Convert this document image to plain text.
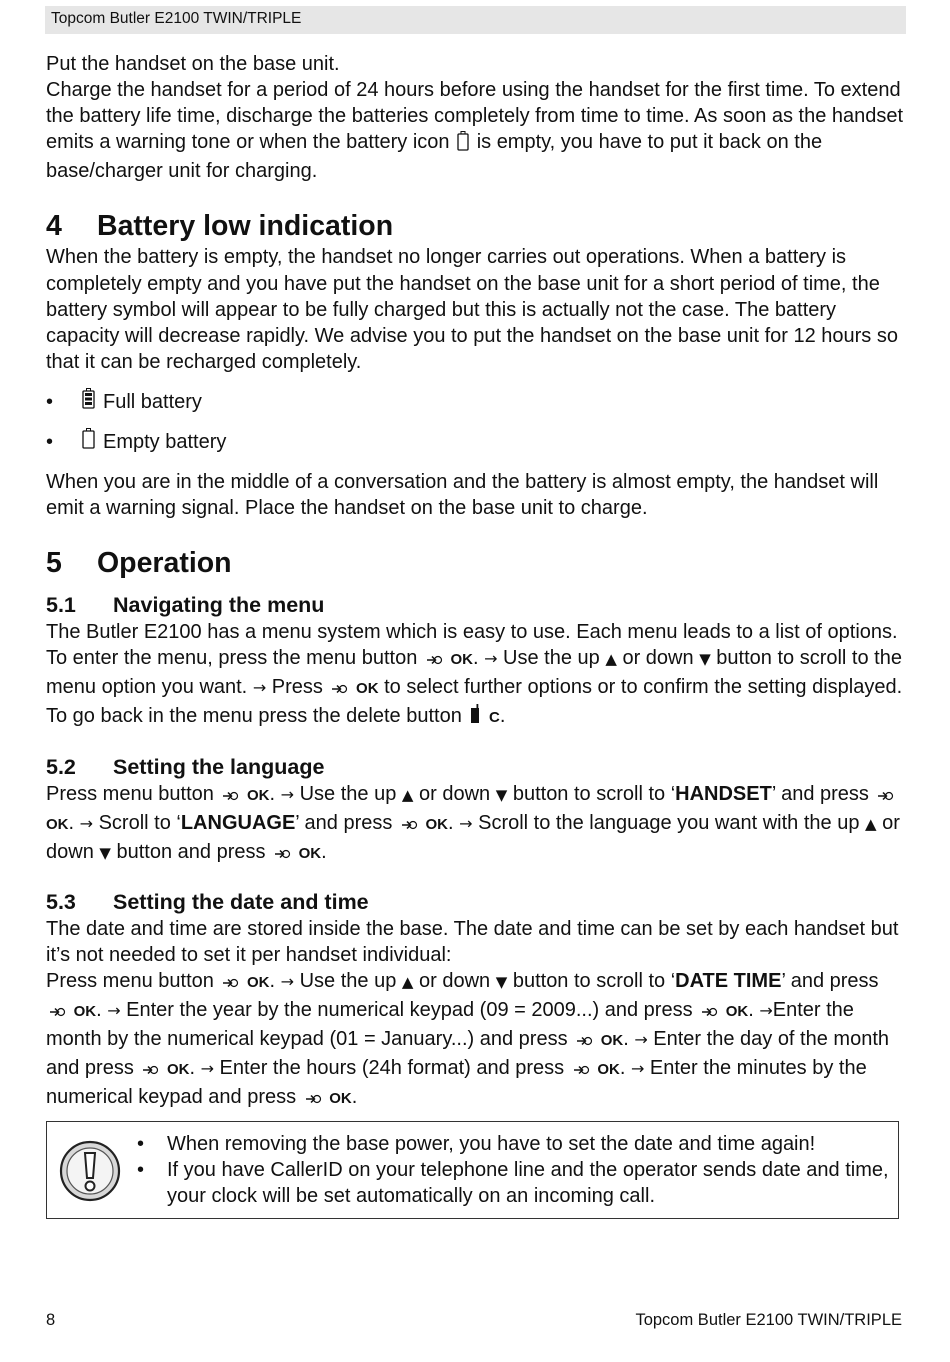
Topcom Butler E2100 TWIN/TRIPLE

Put the handset on the base unit.

Charge the handset for a period of 24 hours before using the handset for the first time. To extend the battery life time, discharge the batteries completely from time to time. As soon as the handset emits a warning tone or when the battery icon is empty, you have to put it back on the base/charger unit for charging.

4	Battery low indication

When the battery is empty, the handset no longer carries out operations. When a battery is completely empty and you have put the handset on the base unit for a short period of time, the battery symbol will appear to be fully charged but this is actually not the case. The battery capacity will decrease rapidly. We advise you to put the handset on the base unit for 12 hours so that it can be recharged completely.

•	Full battery
•	Empty battery

When you are in the middle of a conversation and the battery is almost empty, the handset will emit a warning signal. Place the handset on the base unit to charge.

5	Operation
5.1	Navigating the menu

The Butler E2100 has a menu system which is easy to use. Each menu leads to a list of options. To enter the menu, press the menu button OK. → Use the up ▲ or down ▼ button to scroll to the menu option you want. → Press OK to select further options or to confirm the setting displayed. To go back in the menu press the delete button C.

5.2	Setting the language

Press menu button OK. → Use the up ▲ or down ▼ button to scroll to ‘HANDSET’ and press  OK. → Scroll to ‘LANGUAGE’ and press OK. → Scroll to the language you want with the up ▲ or down ▼ button and press OK.

5.3	Setting the date and time

The date and time are stored inside the base. The date and time can be set by each handset but it’s not needed to set it per handset individual:

Press menu button OK. → Use the up ▲ or down ▼ button to scroll to ‘DATE TIME’ and press  OK. → Enter the year by the numerical keypad (09 = 2009...) and press OK. →Enter the month by the numerical keypad (01 = January...) and press OK. → Enter the day of the month and press OK. → Enter the hours (24h format) and press OK. → Enter the minutes by the numerical keypad and press OK.

•	When removing the base power, you have to set the date and time again!
•	If you have CallerID on your telephone line and the operator sends date and time, your clock will be set automatically on an incoming call.
8	Topcom Butler E2100 TWIN/TRIPLE
